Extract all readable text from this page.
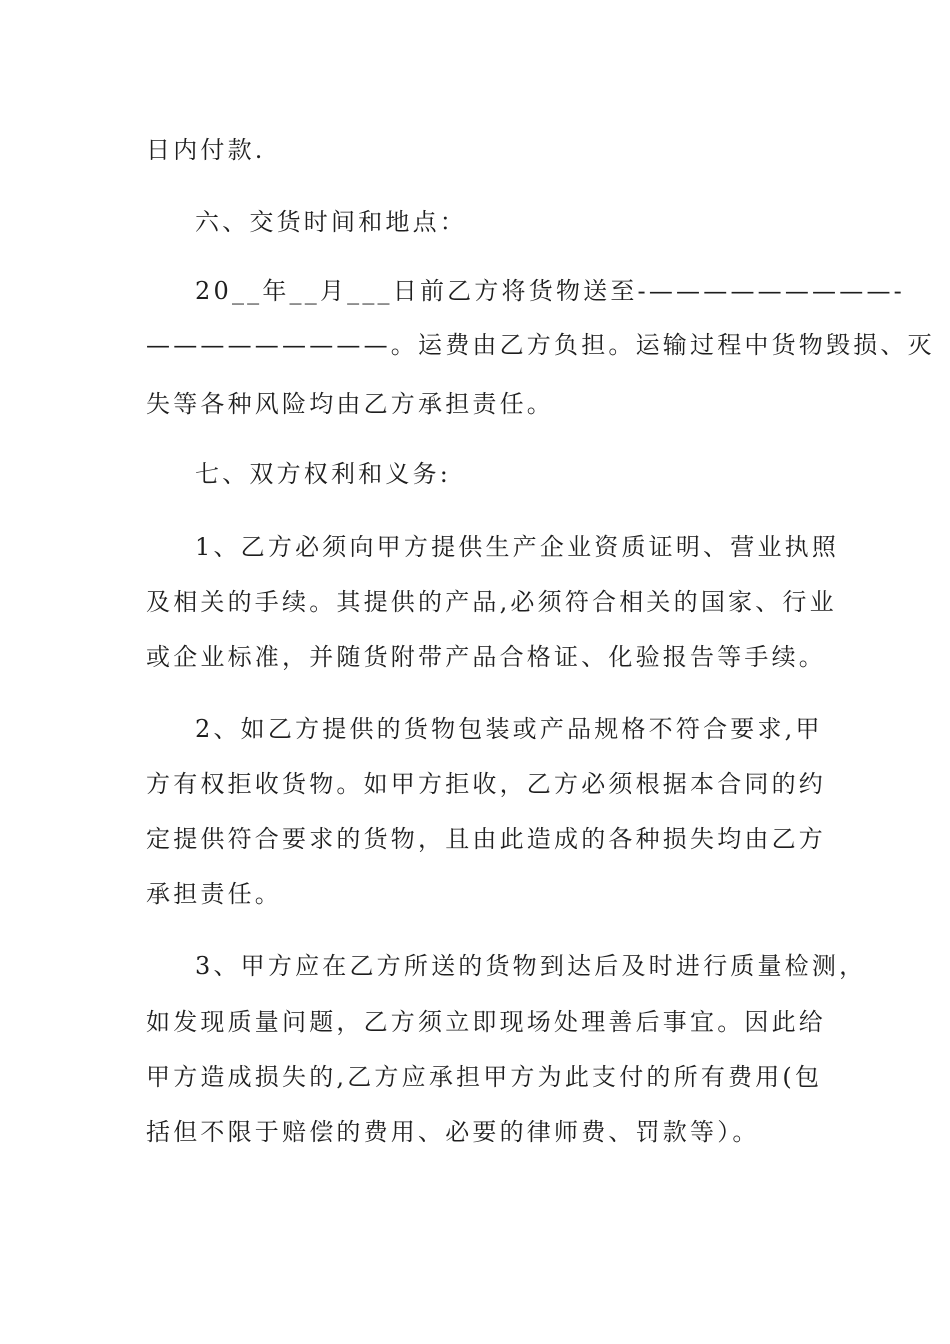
日内付款.

六、交货时间和地点：

20__年__月___日前乙方将货物送至-—————————-

—————————。运费由乙方负担。运输过程中货物毁损、灭

失等各种风险均由乙方承担责任。

七、双方权利和义务:

1、乙方必须向甲方提供生产企业资质证明、营业执照

及相关的手续。其提供的产品,必须符合相关的国家、行业

或企业标准，并随货附带产品合格证、化验报告等手续。

2、如乙方提供的货物包装或产品规格不符合要求,甲

方有权拒收货物。如甲方拒收，乙方必须根据本合同的约

定提供符合要求的货物，且由此造成的各种损失均由乙方

承担责任。

3、甲方应在乙方所送的货物到达后及时进行质量检测，

如发现质量问题，乙方须立即现场处理善后事宜。因此给

甲方造成损失的,乙方应承担甲方为此支付的所有费用(包

括但不限于赔偿的费用、必要的律师费、罚款等）。
